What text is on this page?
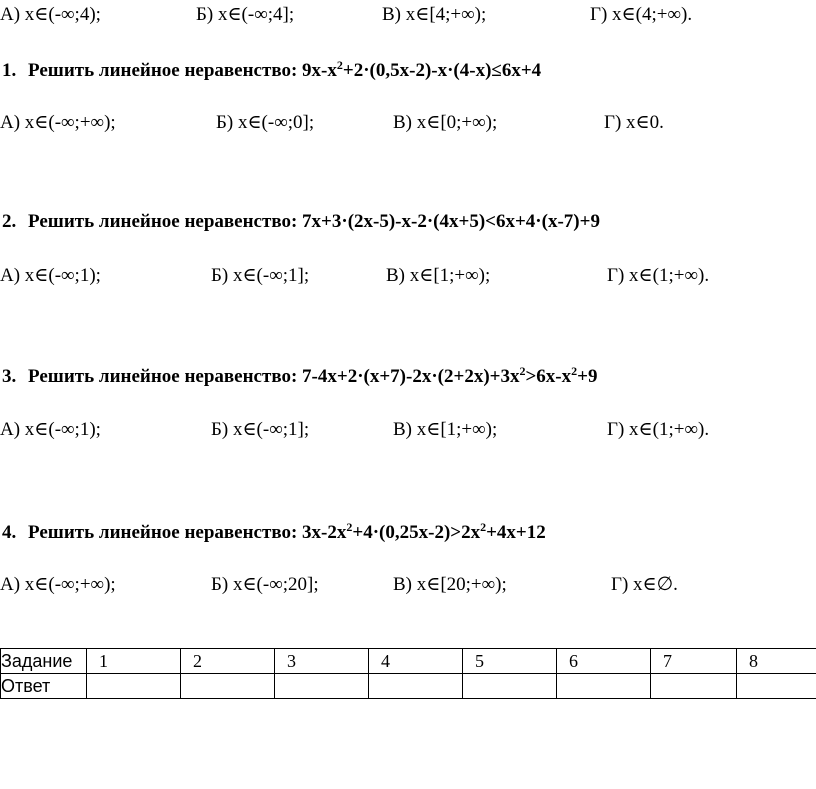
А) x∈(-∞;4);	Б) x∈(-∞;4];	В) x∈[4;+∞);	Г) x∈(4;+∞).
1. Решить линейное неравенство: $9x-x^2+2\cdot(0,5x-2)-x\cdot(4-x)\le 6x+4$
А) x∈(-∞;+∞);	Б) x∈(-∞;0];	В) x∈[0;+∞);	Г) x∈0.
2. Решить линейное неравенство: 7x+3·(2x-5)-x-2·(4x+5)<6x+4·(x-7)+9
А) x∈(-∞;1);	Б) x∈(-∞;1];	В) x∈[1;+∞);	Г) x∈(1;+∞).
3. Решить линейное неравенство: $7-4x+2\cdot(x+7)-2x\cdot(2+2x)+3x^2>6x-x^2+9$
А) x∈(-∞;1);	Б) x∈(-∞;1];	В) x∈[1;+∞);	Г) x∈(1;+∞).
4. Решить линейное неравенство: $3x-2x^2+4\cdot(0,25x-2)>2x^2+4x+12$
А) x∈(-∞;+∞);	Б) x∈(-∞;20];	В) x∈[20;+∞);	Г) x∈∅.
Задание	1	2	3	4	5	6	7	8
Ответ								
